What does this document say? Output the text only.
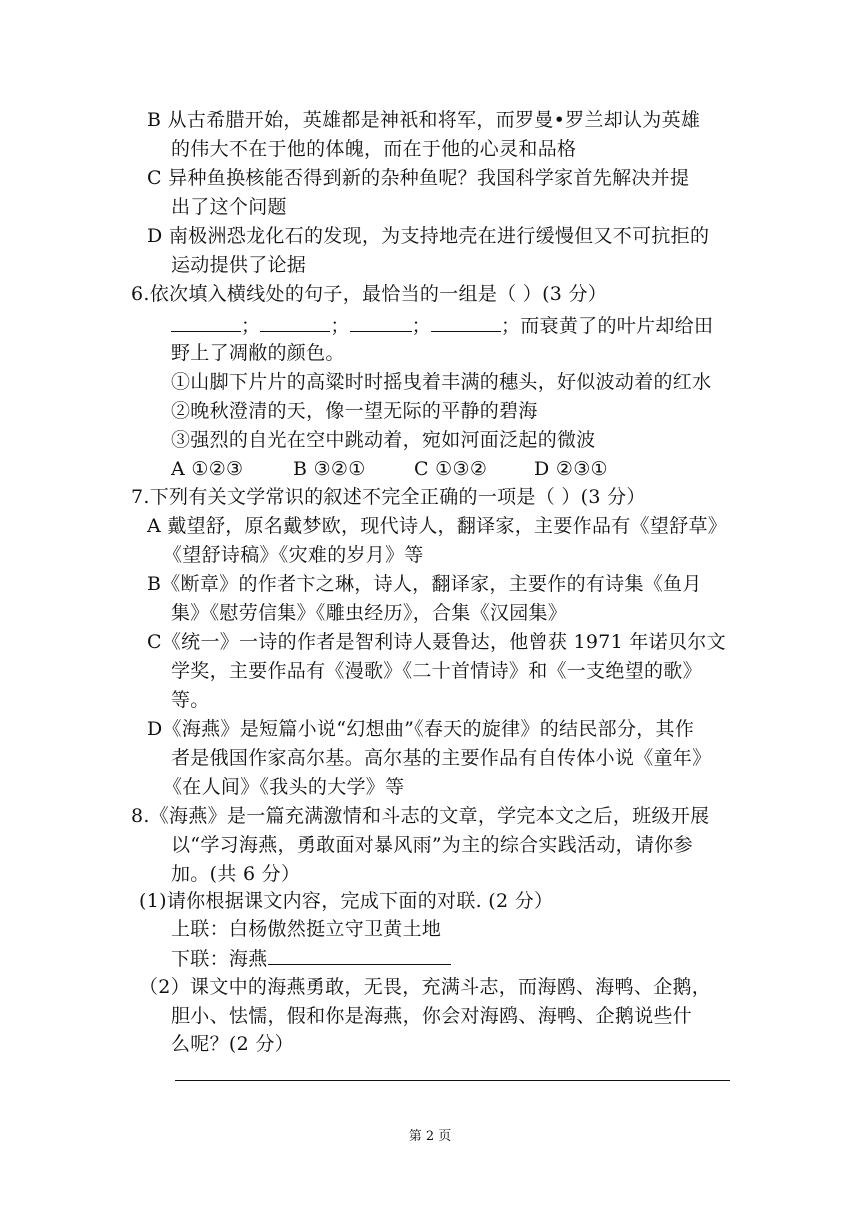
B 从古希腊开始，英雄都是神祇和将军，而罗曼•罗兰却认为英雄
的伟大不在于他的体魄，而在于他的心灵和品格
C 异种鱼换核能否得到新的杂种鱼呢？我国科学家首先解决并提
出了这个问题
D 南极洲恐龙化石的发现，为支持地壳在进行缓慢但又不可抗拒的
运动提供了论据
6.依次填入横线处的句子，最恰当的一组是（ ）(3 分）
；	；	；	；而衰黄了的叶片却给田
野上了凋敝的颜色。
①山脚下片片的高粱时时摇曳着丰满的穗头，好似波动着的红水
②晚秋澄清的天，像一望无际的平静的碧海
③强烈的自光在空中跳动着，宛如河面泛起的微波
A ①②③	B ③②①	C ①③② D ②③①
7.下列有关文学常识的叙述不完全正确的一项是（ ）(3 分）
A 戴望舒，原名戴梦欧，现代诗人，翻译家，主要作品有《望舒草》
《望舒诗稿》《灾难的岁月》等
B《断章》的作者卞之琳，诗人，翻译家，主要作的有诗集《鱼月
集》《慰劳信集》《雕虫经历》，合集《汉园集》
C《统一》一诗的作者是智利诗人聂鲁达，他曾获 1971 年诺贝尔文
学奖，主要作品有《漫歌》《二十首情诗》和《一支绝望的歌》
等。
D《海燕》是短篇小说“幻想曲”《春天的旋律》的结民部分，其作
者是俄国作家高尔基。高尔基的主要作品有自传体小说《童年》
《在人间》《我头的大学》等
8.《海燕》是一篇充满激情和斗志的文章，学完本文之后，班级开展
以“学习海燕，勇敢面对暴风雨”为主的综合实践活动，请你参
加。(共 6 分）
(1)请你根据课文内容，完成下面的对联. (2 分）
上联：白杨傲然挺立守卫黄土地
下联：海燕
（2）课文中的海燕勇敢，无畏，充满斗志，而海鸥、海鸭、企鹅，
胆小、怯懦，假和你是海燕，你会对海鸥、海鸭、企鹅说些什
么呢？(2 分）
第 2 页
